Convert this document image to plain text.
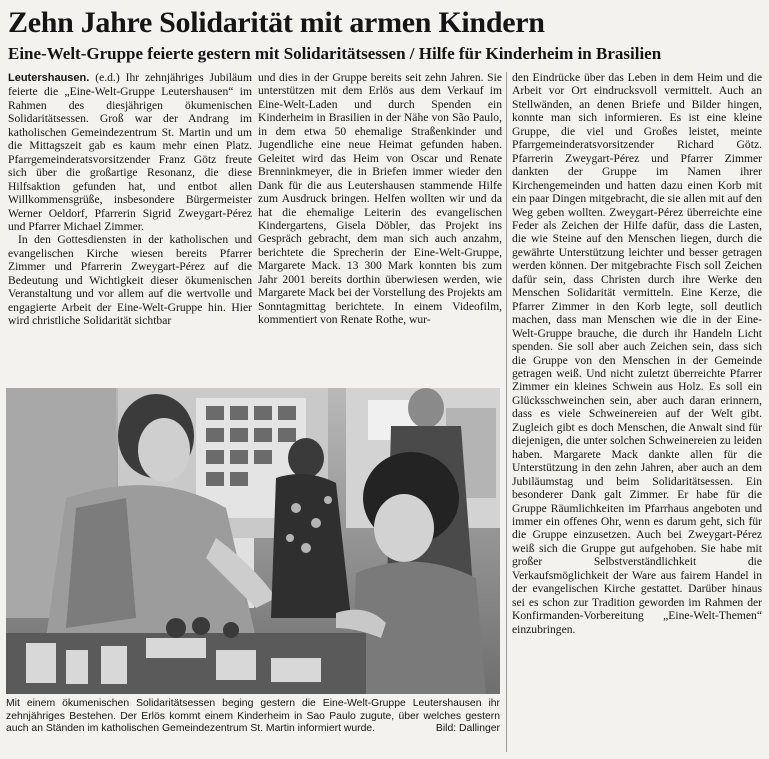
Zehn Jahre Solidarität mit armen Kindern
Eine-Welt-Gruppe feierte gestern mit Solidaritätsessen / Hilfe für Kinderheim in Brasilien

Leutershausen. (e.d.) Ihr zehnjähriges Jubiläum feierte die „Eine-Welt-Gruppe Leutershausen“ im Rahmen des diesjährigen ökumenischen Solidaritätsessen. Groß war der Andrang im katholischen Gemeindezentrum St. Martin und um die Mittagszeit gab es kaum mehr einen Platz. Pfarrgemeinderatsvorsitzender Franz Götz freute sich über die großartige Resonanz, die diese Hilfsaktion gefunden hat, und entbot allen Willkommensgrüße, insbesondere Bürgermeister Werner Oeldorf, Pfarrerin Sigrid Zweygart-Pérez und Pfarrer Michael Zimmer.

In den Gottesdiensten in der katholischen und evangelischen Kirche wiesen bereits Pfarrer Zimmer und Pfarrerin Zweygart-Pérez auf die Bedeutung und Wichtigkeit dieser ökumenischen Veranstaltung und vor allem auf die wertvolle und engagierte Arbeit der Eine-Welt-Gruppe hin. Hier wird christliche Solidarität sichtbar

und dies in der Gruppe bereits seit zehn Jahren. Sie unterstützen mit dem Erlös aus dem Verkauf im Eine-Welt-Laden und durch Spenden ein Kinderheim in Brasilien in der Nähe von São Paulo, in dem etwa 50 ehemalige Straßenkinder und Jugendliche eine neue Heimat gefunden haben. Geleitet wird das Heim von Oscar und Renate Brenninkmeyer, die in Briefen immer wieder den Dank für die aus Leutershausen stammende Hilfe zum Ausdruck bringen. Helfen wollten wir und da hat die ehemalige Leiterin des evangelischen Kindergartens, Gisela Döbler, das Projekt ins Gespräch gebracht, dem man sich auch anzahm, berichtete die Sprecherin der Eine-Welt-Gruppe, Margarete Mack. 13 300 Mark konnten bis zum Jahr 2001 bereits dorthin überwiesen werden, wie Margarete Mack bei der Vorstellung des Projekts am Sonntagmittag berichtete. In einem Videofilm, kommentiert von Renate Rothe, wur-

den Eindrücke über das Leben in dem Heim und die Arbeit vor Ort eindrucksvoll vermittelt. Auch an Stellwänden, an denen Briefe und Bilder hingen, konnte man sich informieren. Es ist eine kleine Gruppe, die viel und Großes leistet, meinte Pfarrgemeinderatsvorsitzender Richard Götz. Pfarrerin Zweygart-Pérez und Pfarrer Zimmer dankten der Gruppe im Namen ihrer Kirchengemeinden und hatten dazu einen Korb mit ein paar Dingen mitgebracht, die sie allen mit auf den Weg geben wollten. Zweygart-Pérez überreichte eine Feder als Zeichen der Hilfe dafür, dass die Lasten, die wie Steine auf den Menschen liegen, durch die gewährte Unterstützung leichter und besser getragen werden können. Der mitgebrachte Fisch soll Zeichen dafür sein, dass Christen durch ihre Werke den Menschen Solidarität vermitteln. Eine Kerze, die Pfarrer Zimmer in den Korb legte, soll deutlich machen, dass man Menschen wie die in der Eine-Welt-Gruppe brauche, die durch ihr Handeln Licht spenden. Sie soll aber auch Zeichen sein, dass sich die Gruppe von den Menschen in der Gemeinde getragen weiß. Und nicht zuletzt überreichte Pfarrer Zimmer ein kleines Schwein aus Holz. Es soll ein Glücksschweinchen sein, aber auch daran erinnern, dass es viele Schweinereien auf der Welt gibt. Zugleich gibt es doch Menschen, die Anwalt sind für diejenigen, die unter solchen Schweinereien zu leiden haben. Margarete Mack dankte allen für die Unterstützung in den zehn Jahren, aber auch an dem Jubiläumstag und beim Solidaritätsessen. Ein besonderer Dank galt Zimmer. Er habe für die Gruppe Räumlichkeiten im Pfarrhaus angeboten und immer ein offenes Ohr, wenn es darum geht, sich für die Gruppe einzusetzen. Auch bei Zweygart-Pérez weiß sich die Gruppe gut aufgehoben. Sie habe mit großer Selbstverständlichkeit die Verkaufsmöglichkeit der Ware aus fairem Handel in der evangelischen Kirche gestattet. Darüber hinaus sei es schon zur Tradition geworden im Rahmen der Konfirmanden-Vorbereitung „Eine-Welt-Themen“ einzubringen.

Mit einem ökumenischen Solidaritätsessen beging gestern die Eine-Welt-Gruppe Leutershausen ihr zehnjähriges Bestehen. Der Erlös kommt einem Kinderheim in Sao Paulo zugute, über welches gestern auch an Ständen im katholischen Gemeindezentrum St. Martin informiert wurde.	Bild: Dallinger
